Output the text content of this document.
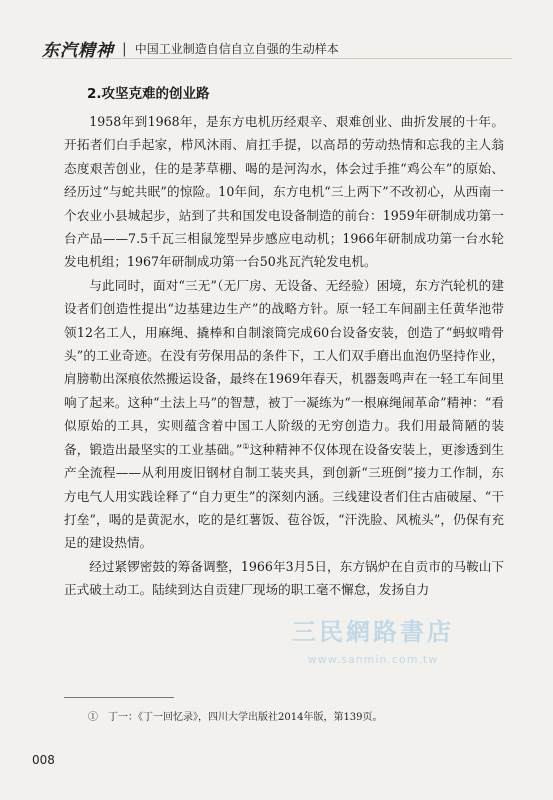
东汽精神 | 中国工业制造自信自立自强的生动样本
2.攻坚克难的创业路

1958年到1968年，是东方电机历经艰辛、艰难创业、曲折发展的十年。开拓者们白手起家，栉风沐雨、肩扛手提，以高昂的劳动热情和忘我的主人翁态度艰苦创业，住的是茅草棚、喝的是河沟水，体会过手推“鸡公车”的原始、经历过“与蛇共眠”的惊险。10年间，东方电机“三上两下”不改初心，从西南一个农业小县城起步，站到了共和国发电设备制造的前台：1959年研制成功第一台产品——7.5千瓦三相鼠笼型异步感应电动机；1966年研制成功第一台水轮发电机组；1967年研制成功第一台50兆瓦汽轮发电机。

与此同时，面对“三无”（无厂房、无设备、无经验）困境，东方汽轮机的建设者们创造性提出“边基建边生产”的战略方针。原一轻工车间副主任黄华池带领12名工人，用麻绳、撬棒和自制滚筒完成60台设备安装，创造了“蚂蚁啃骨头”的工业奇迹。在没有劳保用品的条件下，工人们双手磨出血泡仍坚持作业，肩膀勒出深痕依然搬运设备，最终在1969年春天，机器轰鸣声在一轻工车间里响了起来。这种“土法上马”的智慧，被丁一凝练为“一根麻绳闹革命”精神：“看似原始的工具，实则蕴含着中国工人阶级的无穷创造力。我们用最简陋的装备，锻造出最坚实的工业基础。”①这种精神不仅体现在设备安装上，更渗透到生产全流程——从利用废旧钢材自制工装夹具，到创新“三班倒”接力工作制，东方电气人用实践诠释了“自力更生”的深刻内涵。三线建设者们住古庙破屋、“干打垒”，喝的是黄泥水，吃的是红薯饭、苞谷饭，“汗洗脸、风梳头”，仍保有充足的建设热情。

经过紧锣密鼓的筹备调整，1966年3月5日，东方锅炉在自贡市的马鞍山下正式破土动工。陆续到达自贡建厂现场的职工毫不懈怠，发扬自力

三民網路書店
www.sanmin.com.tw
①　丁一：《丁一回忆录》，四川大学出版社2014年版，第139页。
008
